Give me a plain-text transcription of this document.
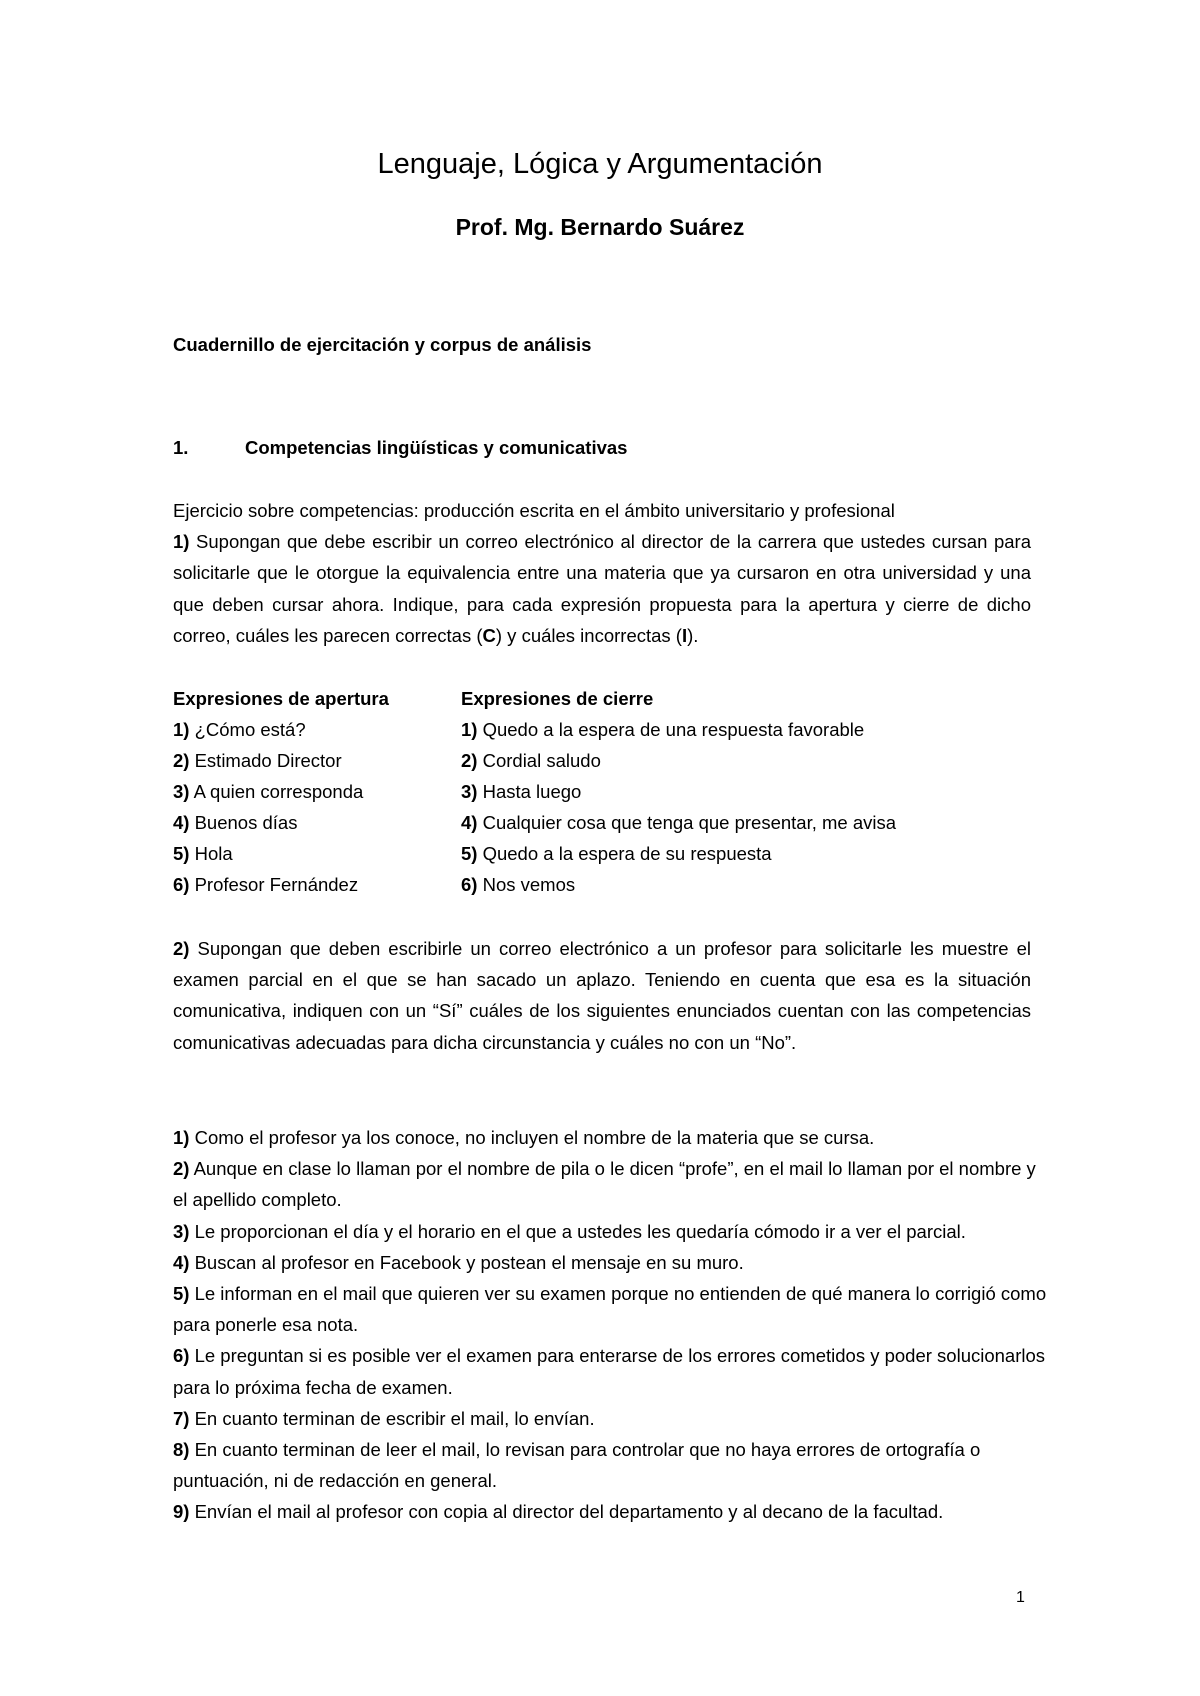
Lenguaje, Lógica y Argumentación
Prof. Mg. Bernardo Suárez
Cuadernillo de ejercitación y corpus de análisis
1.	Competencias lingüísticas y comunicativas

Ejercicio sobre competencias: producción escrita en el ámbito universitario y profesional

1) Supongan que debe escribir un correo electrónico al director de la carrera que ustedes cursan para solicitarle que le otorgue la equivalencia entre una materia que ya cursaron en otra universidad y una que deben cursar ahora. Indique, para cada expresión propuesta para la apertura y cierre de dicho correo, cuáles les parecen correctas (C) y cuáles incorrectas (I).

Expresiones de apertura	Expresiones de cierre
1) ¿Cómo está?	1) Quedo a la espera de una respuesta favorable
2) Estimado Director	2) Cordial saludo
3) A quien corresponda	3) Hasta luego
4) Buenos días	4) Cualquier cosa que tenga que presentar, me avisa
5) Hola	5) Quedo a la espera de su respuesta
6) Profesor Fernández	6) Nos vemos

2) Supongan que deben escribirle un correo electrónico a un profesor para solicitarle les muestre el examen parcial en el que se han sacado un aplazo. Teniendo en cuenta que esa es la situación comunicativa, indiquen con un “Sí” cuáles de los siguientes enunciados cuentan con las competencias comunicativas adecuadas para dicha circunstancia y cuáles no con un “No”.

1) Como el profesor ya los conoce, no incluyen el nombre de la materia que se cursa.

2) Aunque en clase lo llaman por el nombre de pila o le dicen “profe”, en el mail lo llaman por el nombre y el apellido completo.

3) Le proporcionan el día y el horario en el que a ustedes les quedaría cómodo ir a ver el parcial.

4) Buscan al profesor en Facebook y postean el mensaje en su muro.

5) Le informan en el mail que quieren ver su examen porque no entienden de qué manera lo corrigió como para ponerle esa nota.

6) Le preguntan si es posible ver el examen para enterarse de los errores cometidos y poder solucionarlos para lo próxima fecha de examen.

7) En cuanto terminan de escribir el mail, lo envían.

8) En cuanto terminan de leer el mail, lo revisan para controlar que no haya errores de ortografía o puntuación, ni de redacción en general.

9) Envían el mail al profesor con copia al director del departamento y al decano de la facultad.

1
